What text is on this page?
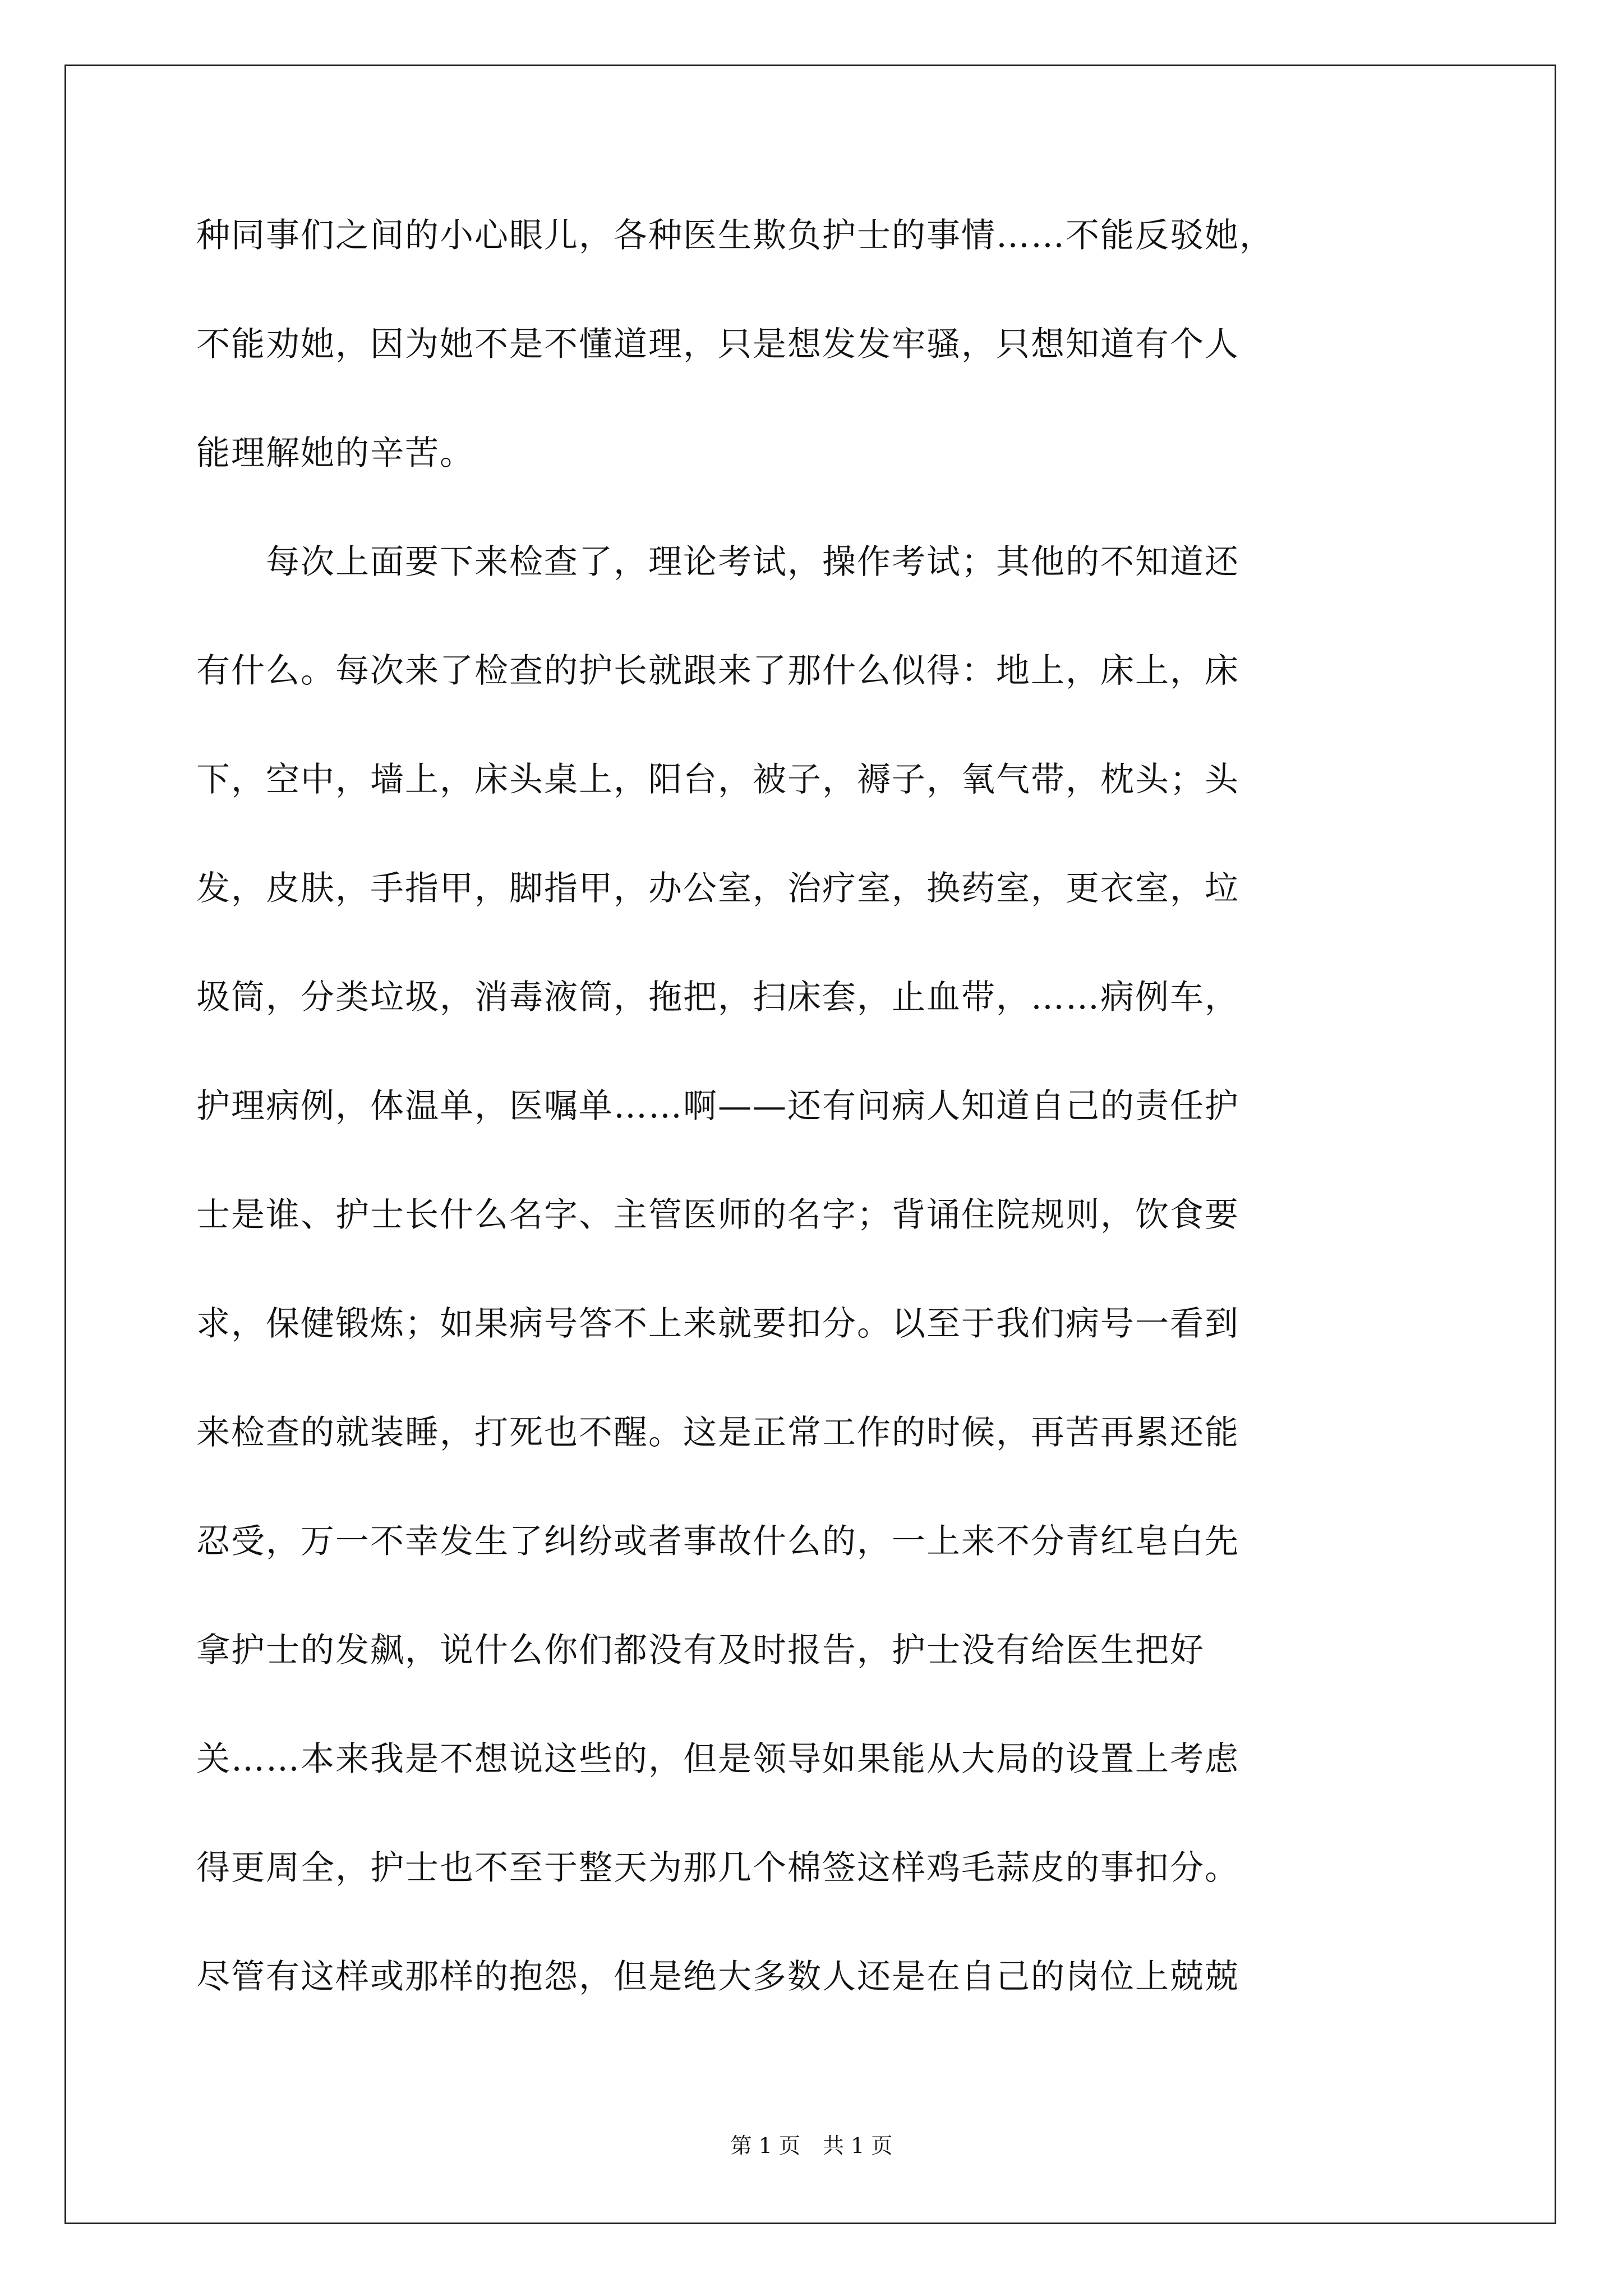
种同事们之间的小心眼儿，各种医生欺负护士的事情……不能反驳她，
不能劝她，因为她不是不懂道理，只是想发发牢骚，只想知道有个人
能理解她的辛苦。
　　每次上面要下来检查了，理论考试，操作考试；其他的不知道还
有什么。每次来了检查的护长就跟来了那什么似得：地上，床上，床
下，空中，墙上，床头桌上，阳台，被子，褥子，氧气带，枕头；头
发，皮肤，手指甲，脚指甲，办公室，治疗室，换药室，更衣室，垃
圾筒，分类垃圾，消毒液筒，拖把，扫床套，止血带，……病例车，
护理病例，体温单，医嘱单……啊——还有问病人知道自己的责任护
士是谁、护士长什么名字、主管医师的名字；背诵住院规则，饮食要
求，保健锻炼；如果病号答不上来就要扣分。以至于我们病号一看到
来检查的就装睡，打死也不醒。这是正常工作的时候，再苦再累还能
忍受，万一不幸发生了纠纷或者事故什么的，一上来不分青红皂白先
拿护士的发飙，说什么你们都没有及时报告，护士没有给医生把好
关……本来我是不想说这些的，但是领导如果能从大局的设置上考虑
得更周全，护士也不至于整天为那几个棉签这样鸡毛蒜皮的事扣分。
尽管有这样或那样的抱怨，但是绝大多数人还是在自己的岗位上兢兢
第 1 页 共 1 页
